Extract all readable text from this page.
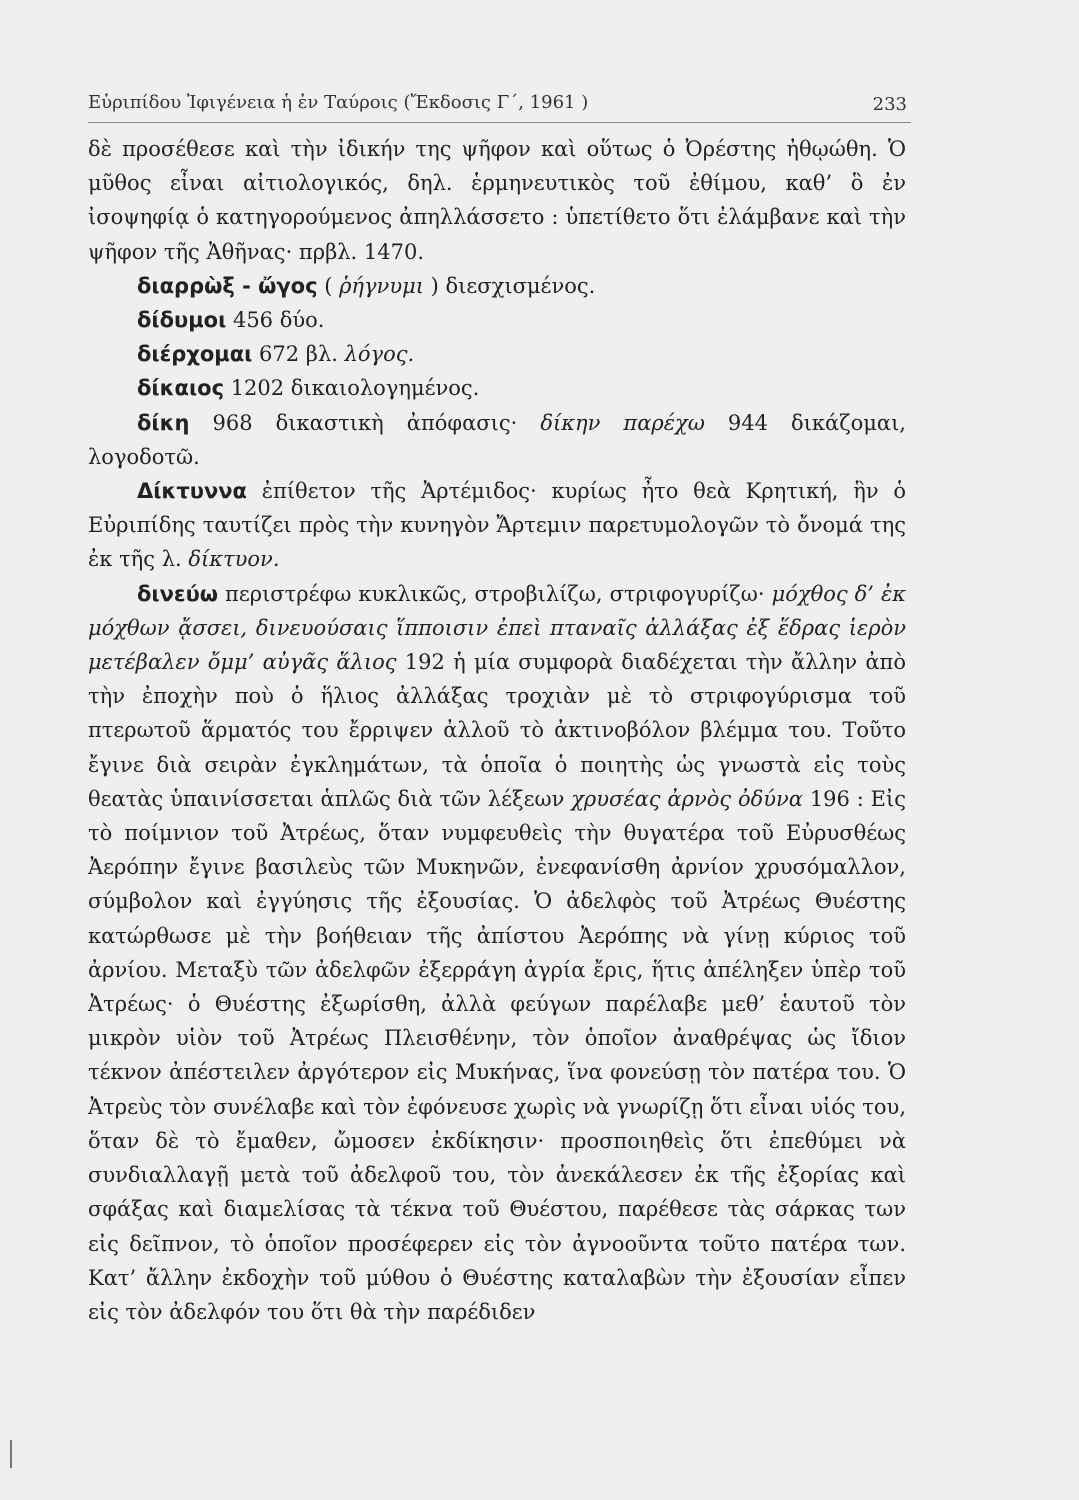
Εὐριπίδου Ἰφιγένεια ἡ ἐν Ταύροις (Ἔκδοσις Γ΄, 1961 )	233

δὲ προσέθεσε καὶ τὴν ἰδικήν της ψῆφον καὶ οὕτως ὁ Ὀρέστης ἠθῳώθη. Ὁ μῦθος εἶναι αἰτιολογικός, δηλ. ἑρμηνευτικὸς τοῦ ἐθίμου, καθ’ ὃ ἐν ἰσοψηφίᾳ ὁ κατηγορούμενος ἀπηλλάσσετο : ὑπετίθετο ὅτι ἐλάμβανε καὶ τὴν ψῆφον τῆς Ἀθῆνας· πρβλ. 1470.

διαρρὼξ - ὤγος ( ῥήγνυμι ) διεσχισμένος.

δίδυμοι 456 δύο.

διέρχομαι 672 βλ. λόγος.

δίκαιος 1202 δικαιολογημένος.

δίκη 968 δικαστικὴ ἀπόφασις· δίκην παρέχω 944 δικάζομαι, λογοδοτῶ.

Δίκτυννα ἐπίθετον τῆς Ἀρτέμιδος· κυρίως ἦτο θεὰ Κρητική, ἣν ὁ Εὐριπίδης ταυτίζει πρὸς τὴν κυνηγὸν Ἄρτεμιν παρετυμολογῶν τὸ ὄνομά της ἐκ τῆς λ. δίκτυον.

δινεύω περιστρέφω κυκλικῶς, στροβιλίζω, στριφογυρίζω· μόχθος δ’ ἐκ μόχθων ᾄσσει, δινευούσαις ἵπποισιν ἐπεὶ πταναῖς ἀλλάξας ἐξ ἕδρας ἱερὸν μετέβαλεν ὄμμ’ αὐγᾶς ἅλιος 192 ἡ μία συμφορὰ διαδέχεται τὴν ἄλλην ἀπὸ τὴν ἐποχὴν ποὺ ὁ ἥλιος ἀλλάξας τροχιὰν μὲ τὸ στριφογύρισμα τοῦ πτερωτοῦ ἅρματός του ἔρριψεν ἀλλοῦ τὸ ἀκτινοβόλον βλέμμα του. Τοῦτο ἔγινε διὰ σειρὰν ἐγκλημάτων, τὰ ὁποῖα ὁ ποιητὴς ὡς γνωστὰ εἰς τοὺς θεατὰς ὑπαινίσσεται ἁπλῶς διὰ τῶν λέξεων χρυσέας ἀρνὸς ὀδύνα 196 : Εἰς τὸ ποίμνιον τοῦ Ἀτρέως, ὅταν νυμφευθεὶς τὴν θυγατέρα τοῦ Εὐρυσθέως Ἀερόπην ἔγινε βασιλεὺς τῶν Μυκηνῶν, ἐνεφανίσθη ἀρνίον χρυσόμαλλον, σύμβολον καὶ ἐγγύησις τῆς ἐξουσίας. Ὁ ἀδελφὸς τοῦ Ἀτρέως Θυέστης κατώρθωσε μὲ τὴν βοήθειαν τῆς ἀπίστου Ἀερόπης νὰ γίνῃ κύριος τοῦ ἀρνίου. Μεταξὺ τῶν ἀδελφῶν ἐξερράγη ἀγρία ἔρις, ἥτις ἀπέληξεν ὑπὲρ τοῦ Ἀτρέως· ὁ Θυέστης ἐξωρίσθη, ἀλλὰ φεύγων παρέλαβε μεθ’ ἑαυτοῦ τὸν μικρὸν υἱὸν τοῦ Ἀτρέως Πλεισθένην, τὸν ὁποῖον ἀναθρέψας ὡς ἴδιον τέκνον ἀπέστειλεν ἀργότερον εἰς Μυκήνας, ἵνα φονεύσῃ τὸν πατέρα του. Ὁ Ἀτρεὺς τὸν συνέλαβε καὶ τὸν ἐφόνευσε χωρὶς νὰ γνωρίζῃ ὅτι εἶναι υἱός του, ὅταν δὲ τὸ ἔμαθεν, ὤμοσεν ἐκδίκησιν· προσποιηθεὶς ὅτι ἐπεθύμει νὰ συνδιαλλαγῇ μετὰ τοῦ ἀδελφοῦ του, τὸν ἀνεκάλεσεν ἐκ τῆς ἐξορίας καὶ σφάξας καὶ διαμελίσας τὰ τέκνα τοῦ Θυέστου, παρέθεσε τὰς σάρκας των εἰς δεῖπνον, τὸ ὁποῖον προσέφερεν εἰς τὸν ἀγνοοῦντα τοῦτο πατέρα των. Κατ’ ἄλλην ἐκδοχὴν τοῦ μύθου ὁ Θυέστης καταλαβὼν τὴν ἐξουσίαν εἶπεν εἰς τὸν ἀδελφόν του ὅτι θὰ τὴν παρέδιδεν
